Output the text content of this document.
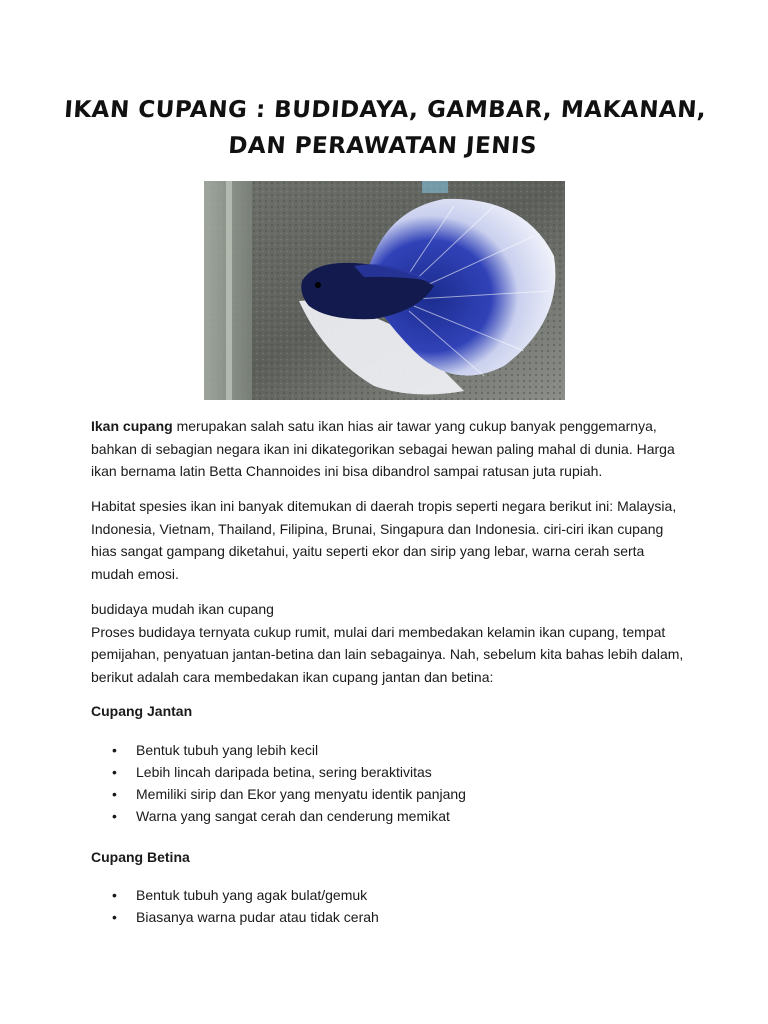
IKAN CUPANG : BUDIDAYA, GAMBAR, MAKANAN,
DAN PERAWATAN JENIS

Ikan cupang merupakan salah satu ikan hias air tawar yang cukup banyak penggemarnya, bahkan di sebagian negara ikan ini dikategorikan sebagai hewan paling mahal di dunia. Harga ikan bernama latin Betta Channoides ini bisa dibandrol sampai ratusan juta rupiah.

Habitat spesies ikan ini banyak ditemukan di daerah tropis seperti negara berikut ini: Malaysia, Indonesia, Vietnam, Thailand, Filipina, Brunai, Singapura dan Indonesia. ciri-ciri ikan cupang hias sangat gampang diketahui, yaitu seperti ekor dan sirip yang lebar, warna cerah serta mudah emosi.

budidaya mudah ikan cupang

Proses budidaya ternyata cukup rumit, mulai dari membedakan kelamin ikan cupang, tempat pemijahan, penyatuan jantan-betina dan lain sebagainya. Nah, sebelum kita bahas lebih dalam, berikut adalah cara membedakan ikan cupang jantan dan betina:

Cupang Jantan
• Bentuk tubuh yang lebih kecil
• Lebih lincah daripada betina, sering beraktivitas
• Memiliki sirip dan Ekor yang menyatu identik panjang
• Warna yang sangat cerah dan cenderung memikat
Cupang Betina
• Bentuk tubuh yang agak bulat/gemuk
• Biasanya warna pudar atau tidak cerah
